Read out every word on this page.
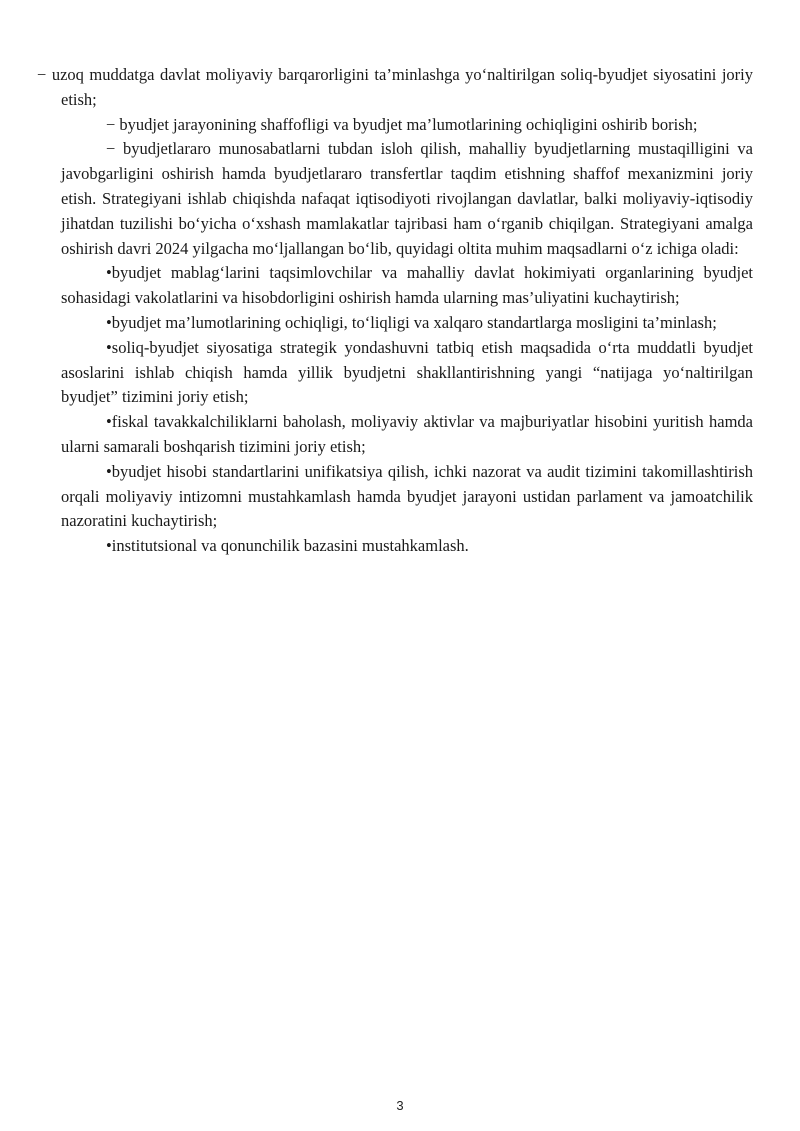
− uzoq muddatga davlat moliyaviy barqarorligini ta’minlashga yo‘naltirilgan soliq-byudjet siyosatini joriy etish;

− byudjet jarayonining shaffofligi va byudjet ma’lumotlarining ochiqligini oshirib borish;

− byudjetlararo munosabatlarni tubdan isloh qilish, mahalliy byudjetlarning mustaqilligini va javobgarligini oshirish hamda byudjetlararo transfertlar taqdim etishning shaffof mexanizmini joriy etish. Strategiyani ishlab chiqishda nafaqat iqtisodiyoti rivojlangan davlatlar, balki moliyaviy-iqtisodiy jihatdan tuzilishi bo‘yicha o‘xshash mamlakatlar tajribasi ham o‘rganib chiqilgan. Strategiyani amalga oshirish davri 2024 yilgacha mo‘ljallangan bo‘lib, quyidagi oltita muhim maqsadlarni o‘z ichiga oladi:

•byudjet mablag‘larini taqsimlovchilar va mahalliy davlat hokimiyati organlarining byudjet sohasidagi vakolatlarini va hisobdorligini oshirish hamda ularning mas’uliyatini kuchaytirish;

•byudjet ma’lumotlarining ochiqligi, to‘liqligi va xalqaro standartlarga mosligini ta’minlash;

•soliq-byudjet siyosatiga strategik yondashuvni tatbiq etish maqsadida o‘rta muddatli byudjet asoslarini ishlab chiqish hamda yillik byudjetni shakllantirishning yangi “natijaga yo‘naltirilgan byudjet” tizimini joriy etish;

•fiskal tavakkalchiliklarni baholash, moliyaviy aktivlar va majburiyatlar hisobini yuritish hamda ularni samarali boshqarish tizimini joriy etish;

•byudjet hisobi standartlarini unifikatsiya qilish, ichki nazorat va audit tizimini takomillashtirish orqali moliyaviy intizomni mustahkamlash hamda byudjet jarayoni ustidan parlament va jamoatchilik nazoratini kuchaytirish;

•institutsional va qonunchilik bazasini mustahkamlash.

3
